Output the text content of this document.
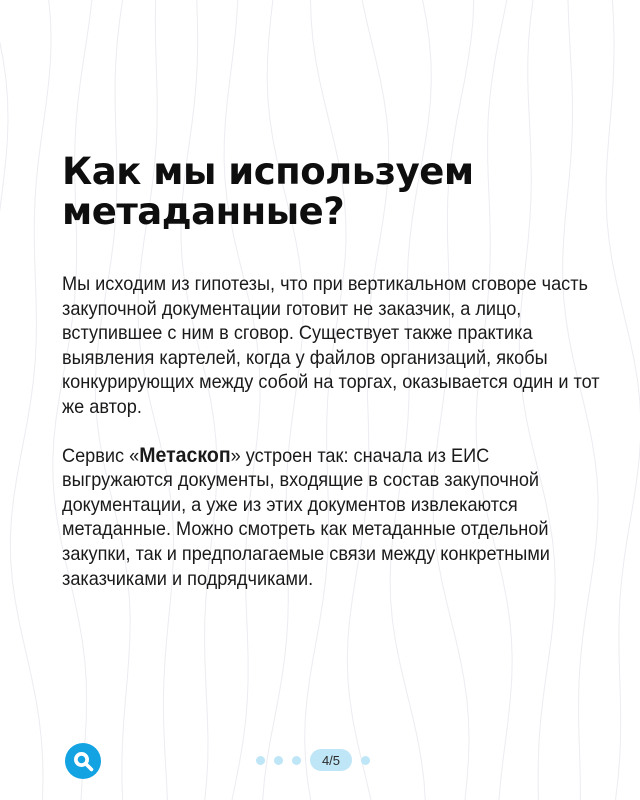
Как мы используем
метаданные?

Мы исходим из гипотезы, что при вертикальном сговоре часть закупочной документации готовит не заказчик, а лицо, вступившее с ним в сговор. Существует также практика выявления картелей, когда у файлов организаций, якобы конкурирующих между собой на торгах, оказывается один и тот же автор.

Сервис «Метаскоп» устроен так: сначала из ЕИС выгружаются документы, входящие в состав закупочной документации, а уже из этих документов извлекаются метаданные. Можно смотреть как метаданные отдельной закупки, так и предполагаемые связи между конкретными заказчиками и подрядчиками.

4/5
